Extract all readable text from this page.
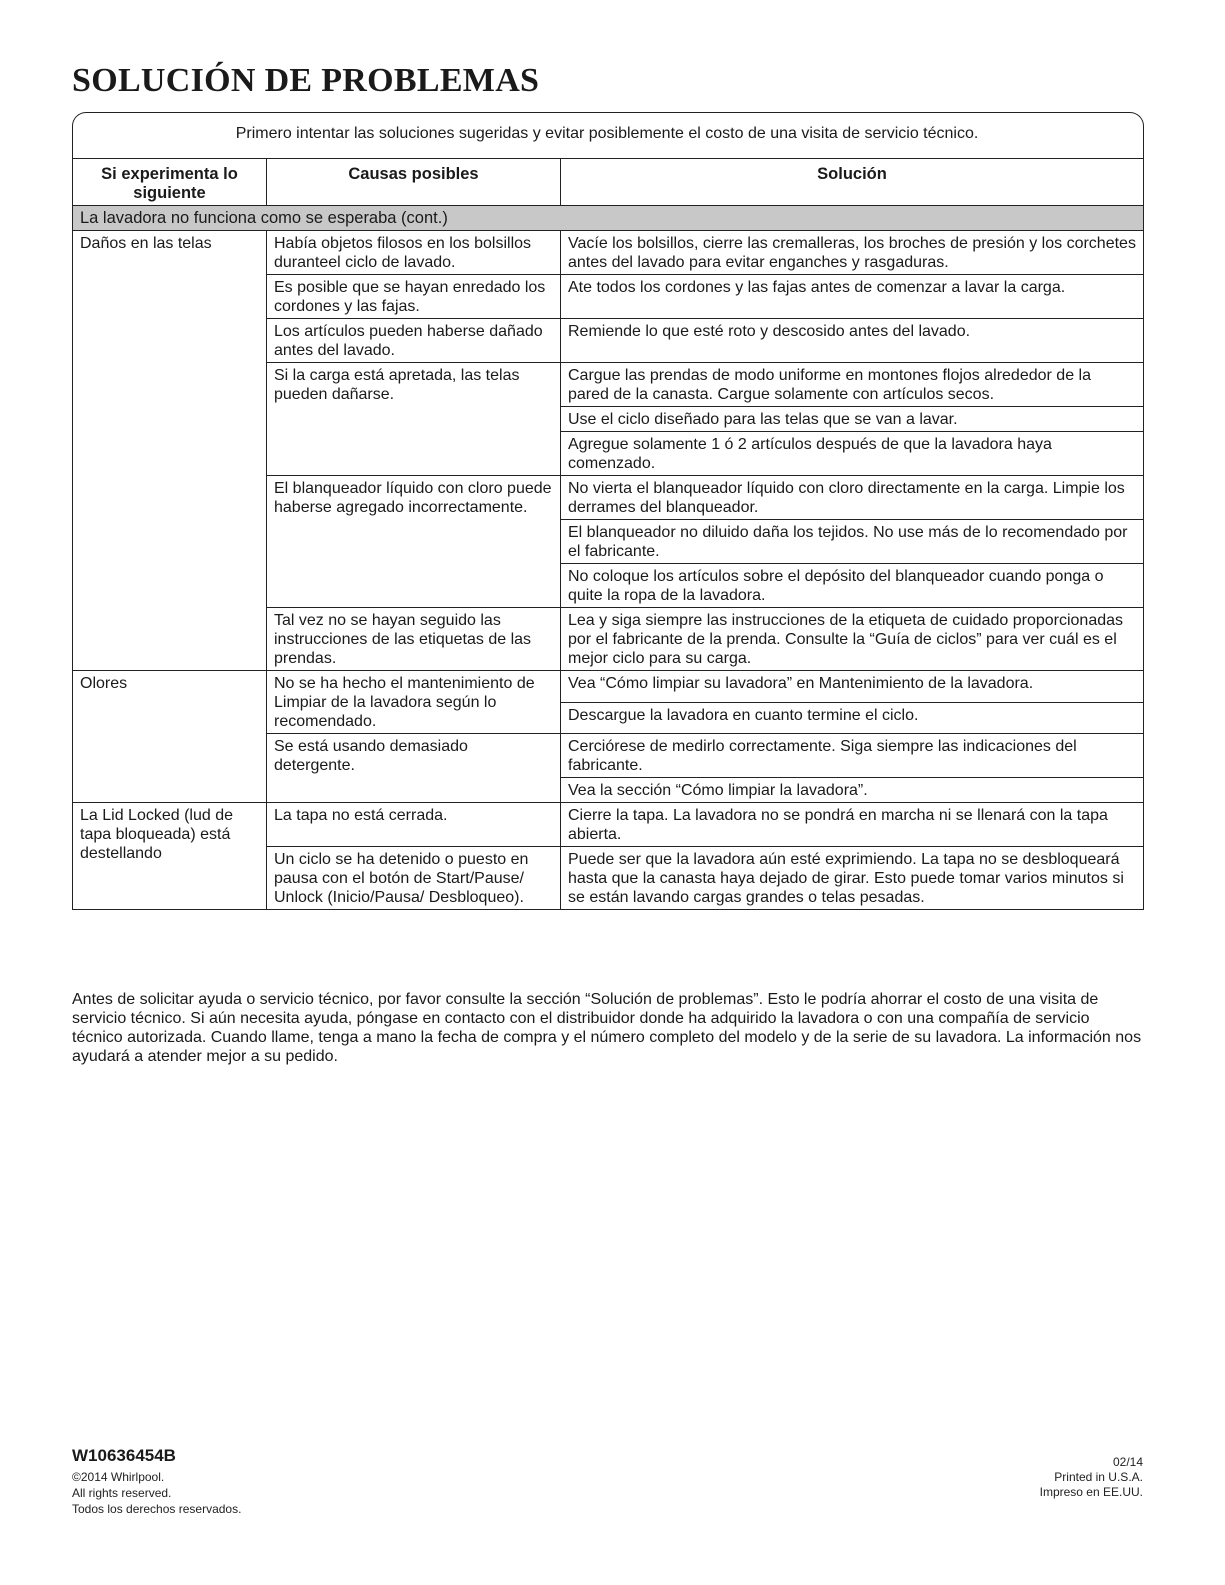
SOLUCIÓN DE PROBLEMAS
Primero intentar las soluciones sugeridas y evitar posiblemente el costo de una visita de servicio técnico.
Si experimenta lo siguiente	Causas posibles	Solución
La lavadora no funciona como se esperaba (cont.)		
Daños en las telas	Había objetos filosos en los bolsillos duranteel ciclo de lavado.	Vacíe los bolsillos, cierre las cremalleras, los broches de presión y los corchetes antes del lavado para evitar enganches y rasgaduras.
	Es posible que se hayan enredado los cordones y las fajas.	Ate todos los cordones y las fajas antes de comenzar a lavar la carga.
	Los artículos pueden haberse dañado antes del lavado.	Remiende lo que esté roto y descosido antes del lavado.
	Si la carga está apretada, las telas pueden dañarse.	Cargue las prendas de modo uniforme en montones flojos alrededor de la pared de la canasta. Cargue solamente con artículos secos.
		Use el ciclo diseñado para las telas que se van a lavar.
		Agregue solamente 1 ó 2 artículos después de que la lavadora haya comenzado.
	El blanqueador líquido con cloro puede haberse agregado incorrectamente.	No vierta el blanqueador líquido con cloro directamente en la carga. Limpie los derrames del blanqueador.
		El blanqueador no diluido daña los tejidos. No use más de lo recomendado por el fabricante.
		No coloque los artículos sobre el depósito del blanqueador cuando ponga o quite la ropa de la lavadora.
	Tal vez no se hayan seguido las instrucciones de las etiquetas de las prendas.	Lea y siga siempre las instrucciones de la etiqueta de cuidado proporcionadas por el fabricante de la prenda. Consulte la “Guía de ciclos” para ver cuál es el mejor ciclo para su carga.
Olores	No se ha hecho el mantenimiento de Limpiar de la lavadora según lo recomendado.	Vea “Cómo limpiar su lavadora” en Mantenimiento de la lavadora.
		Descargue la lavadora en cuanto termine el ciclo.
	Se está usando demasiado detergente.	Cerciórese de medirlo correctamente. Siga siempre las indicaciones del fabricante.
		Vea la sección “Cómo limpiar la lavadora”.
La Lid Locked (lud de tapa bloqueada) está destellando	La tapa no está cerrada.	Cierre la tapa. La lavadora no se pondrá en marcha ni se llenará con la tapa abierta.
	Un ciclo se ha detenido o puesto en pausa con el botón de Start/Pause/ Unlock (Inicio/Pausa/ Desbloqueo).	Puede ser que la lavadora aún esté exprimiendo. La tapa no se desbloqueará hasta que la canasta haya dejado de girar. Esto puede tomar varios minutos si se están lavando cargas grandes o telas pesadas.
Antes de solicitar ayuda o servicio técnico, por favor consulte la sección “Solución de problemas”. Esto le podría ahorrar el costo de una visita de servicio técnico. Si aún necesita ayuda, póngase en contacto con el distribuidor donde ha adquirido la lavadora o con una compañía de servicio técnico autorizada. Cuando llame, tenga a mano la fecha de compra y el número completo del modelo y de la serie de su lavadora. La información nos ayudará a atender mejor a su pedido.
W10636454B
©2014 Whirlpool.
All rights reserved.
Todos los derechos reservados.
02/14
Printed in U.S.A.
Impreso en EE.UU.
